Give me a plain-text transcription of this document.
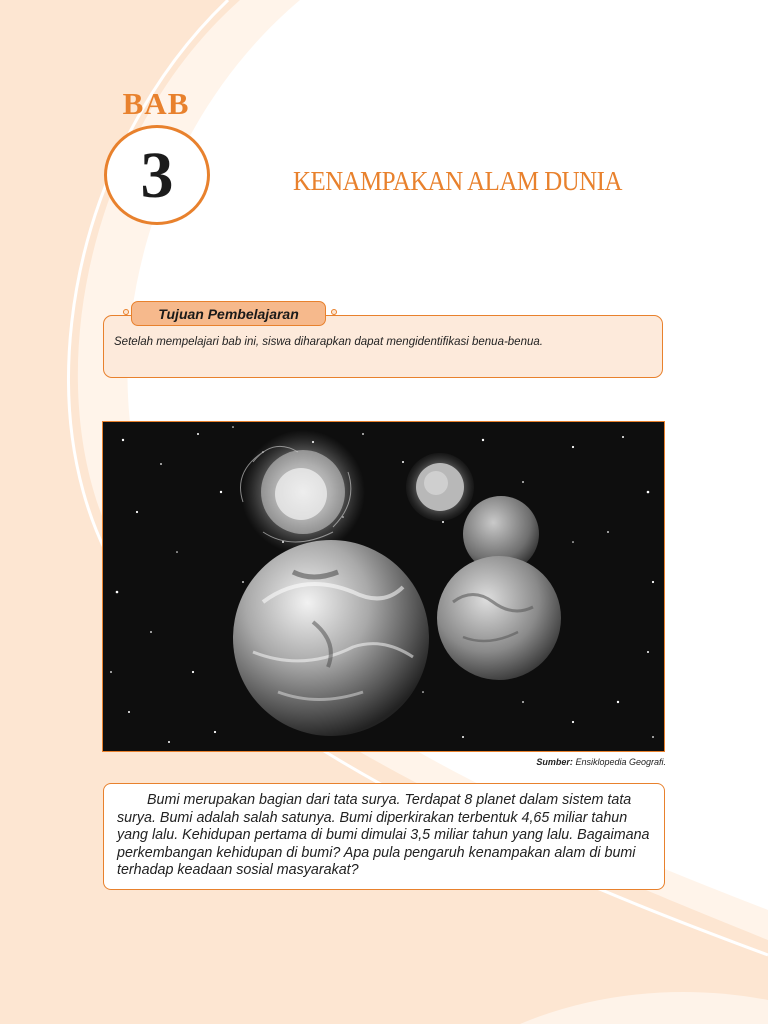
BAB
3	KENAMPAKAN ALAM DUNIA
Tujuan Pembelajaran
Setelah mempelajari bab ini, siswa diharapkan dapat mengidentifikasi benua-benua.
Sumber: Ensiklopedia Geografi.

Bumi merupakan bagian dari tata surya. Terdapat 8 planet dalam sistem tata surya. Bumi adalah salah satunya. Bumi diperkirakan terbentuk 4,65 miliar tahun yang lalu. Kehidupan pertama di bumi dimulai 3,5 miliar tahun yang lalu. Bagaimana perkembangan kehidupan di bumi? Apa pula pengaruh kenampakan alam di bumi terhadap keadaan sosial masyarakat?
